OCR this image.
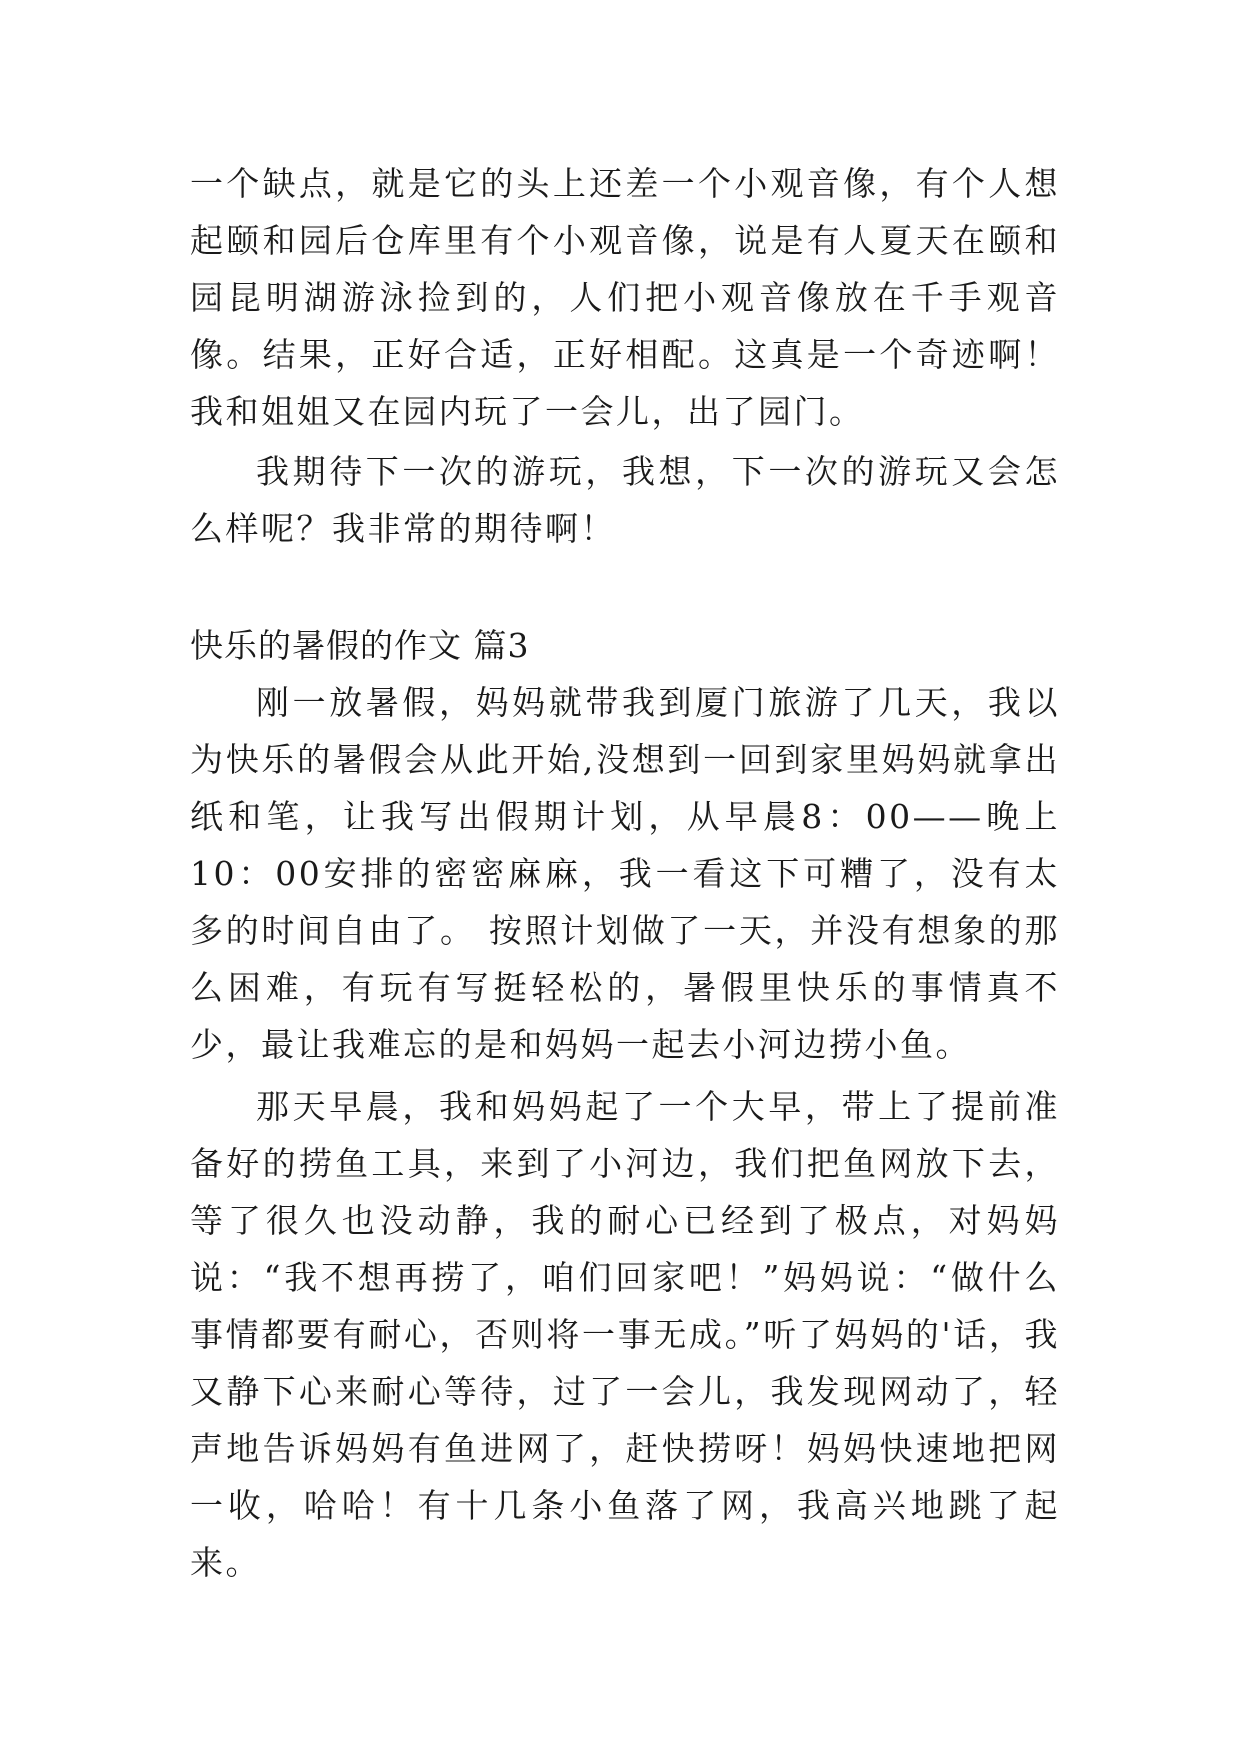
一个缺点，就是它的头上还差一个小观音像，有个人想起颐和园后仓库里有个小观音像，说是有人夏天在颐和园昆明湖游泳捡到的，人们把小观音像放在千手观音像。结果，正好合适，正好相配。这真是一个奇迹啊！我和姐姐又在园内玩了一会儿，出了园门。

我期待下一次的游玩，我想，下一次的游玩又会怎么样呢？我非常的期待啊！

快乐的暑假的作文 篇3

刚一放暑假，妈妈就带我到厦门旅游了几天，我以为快乐的暑假会从此开始,没想到一回到家里妈妈就拿出纸和笔，让我写出假期计划，从早晨8：00——晚上10：00安排的密密麻麻，我一看这下可糟了，没有太多的时间自由了。 按照计划做了一天，并没有想象的那么困难，有玩有写挺轻松的，暑假里快乐的事情真不少，最让我难忘的是和妈妈一起去小河边捞小鱼。

那天早晨，我和妈妈起了一个大早，带上了提前准备好的捞鱼工具，来到了小河边，我们把鱼网放下去，等了很久也没动静，我的耐心已经到了极点，对妈妈说：“我不想再捞了，咱们回家吧！”妈妈说：“做什么事情都要有耐心，否则将一事无成。”听了妈妈的'话，我又静下心来耐心等待，过了一会儿，我发现网动了，轻声地告诉妈妈有鱼进网了，赶快捞呀！妈妈快速地把网一收，哈哈！有十几条小鱼落了网，我高兴地跳了起来。
